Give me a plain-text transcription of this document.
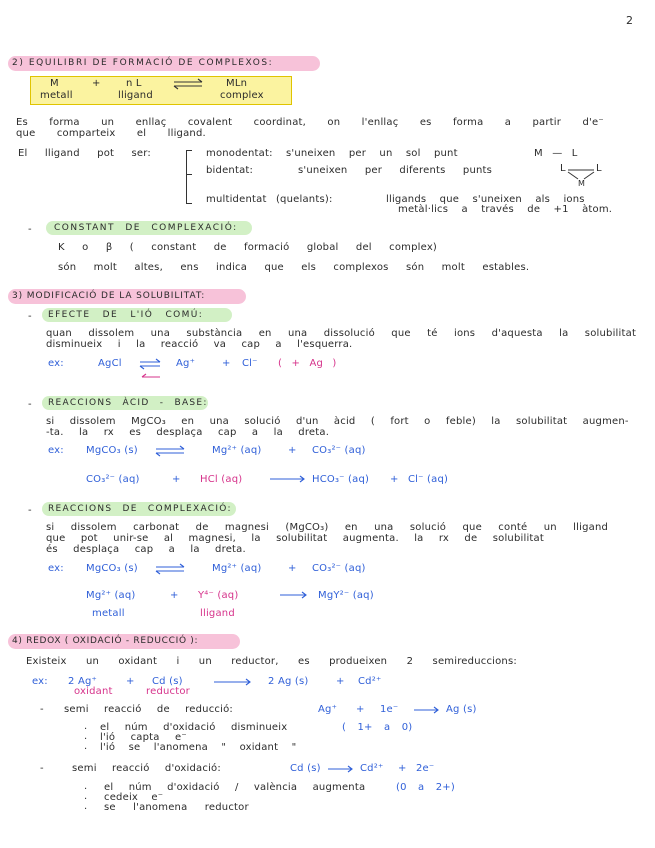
2
2) EQUILIBRI DE FORMACIÓ DE COMPLEXOS:
M	+	n L ⇌ MLn
metall	lligand	complex
Es forma un enllaç covalent coordinat, on l'enllaç es forma a partir d'e⁻
que comparteix el lligand.
El lligand pot ser:	monodentat: s'uneixen per un sol punt	M — L
bidentat:	s'uneixen per diferents punts	L	L
M
multidentat (quelants):	lligands que s'uneixen als ions
metàl·lics a través de +1 àtom.
- CONSTANT DE COMPLEXACIÓ:
K o β ( constant de formació global del complex)
són molt altes, ens indica que els complexos són molt estables.
3) MODIFICACIÓ DE LA SOLUBILITAT:
- EFECTE DE L'IÓ COMÚ:
quan dissolem una substància en una dissolució que té ions d'aquesta la solubilitat
disminueix i la reacció va cap a l'esquerra.
ex:	AgCl	Ag⁺	+ Cl⁻ ( + Ag )
- REACCIONS ÀCID - BASE:
si dissolem MgCO₃ en una solució d'un àcid ( fort o feble) la solubilitat augmen-
-ta. la rx es desplaça cap a la dreta.
ex: MgCO₃ (s) ⇌ Mg²⁺ (aq)	+ CO₃²⁻ (aq)
CO₃²⁻ (aq)	+ HCl (aq)	HCO₃⁻ (aq) + Cl⁻ (aq)
- REACCIONS DE COMPLEXACIÓ:
si dissolem carbonat de magnesi (MgCO₃) en una solució que conté un lligand
que pot unir-se al magnesi, la solubilitat augmenta. la rx de solubilitat
és desplaça cap a la dreta.
ex: MgCO₃ (s) ⇌ Mg²⁺ (aq)	+ CO₃²⁻ (aq)
Mg²⁺ (aq)	+ Y⁴⁻ (aq)	MgY²⁻ (aq)
metall	lligand
4) REDOX ( OXIDACIÓ - REDUCCIÓ ):
Existeix un oxidant i un reductor, es produeixen 2 semireduccions:
ex: 2 Ag⁺	+ Cd (s)	2 Ag (s)	+ Cd²⁺
oxidant	reductor
- semi reacció de reducció:	Ag⁺ + 1e⁻	Ag (s)
· el núm d'oxidació disminueix	( 1+ a 0)
· l'ió capta e⁻
· l'ió se l'anomena " oxidant "
-	semi reacció d'oxidació:	Cd (s)	Cd²⁺ + 2e⁻
· el núm d'oxidació / valència augmenta	(0 a 2+)
· cedeix e⁻
· se l'anomena reductor
